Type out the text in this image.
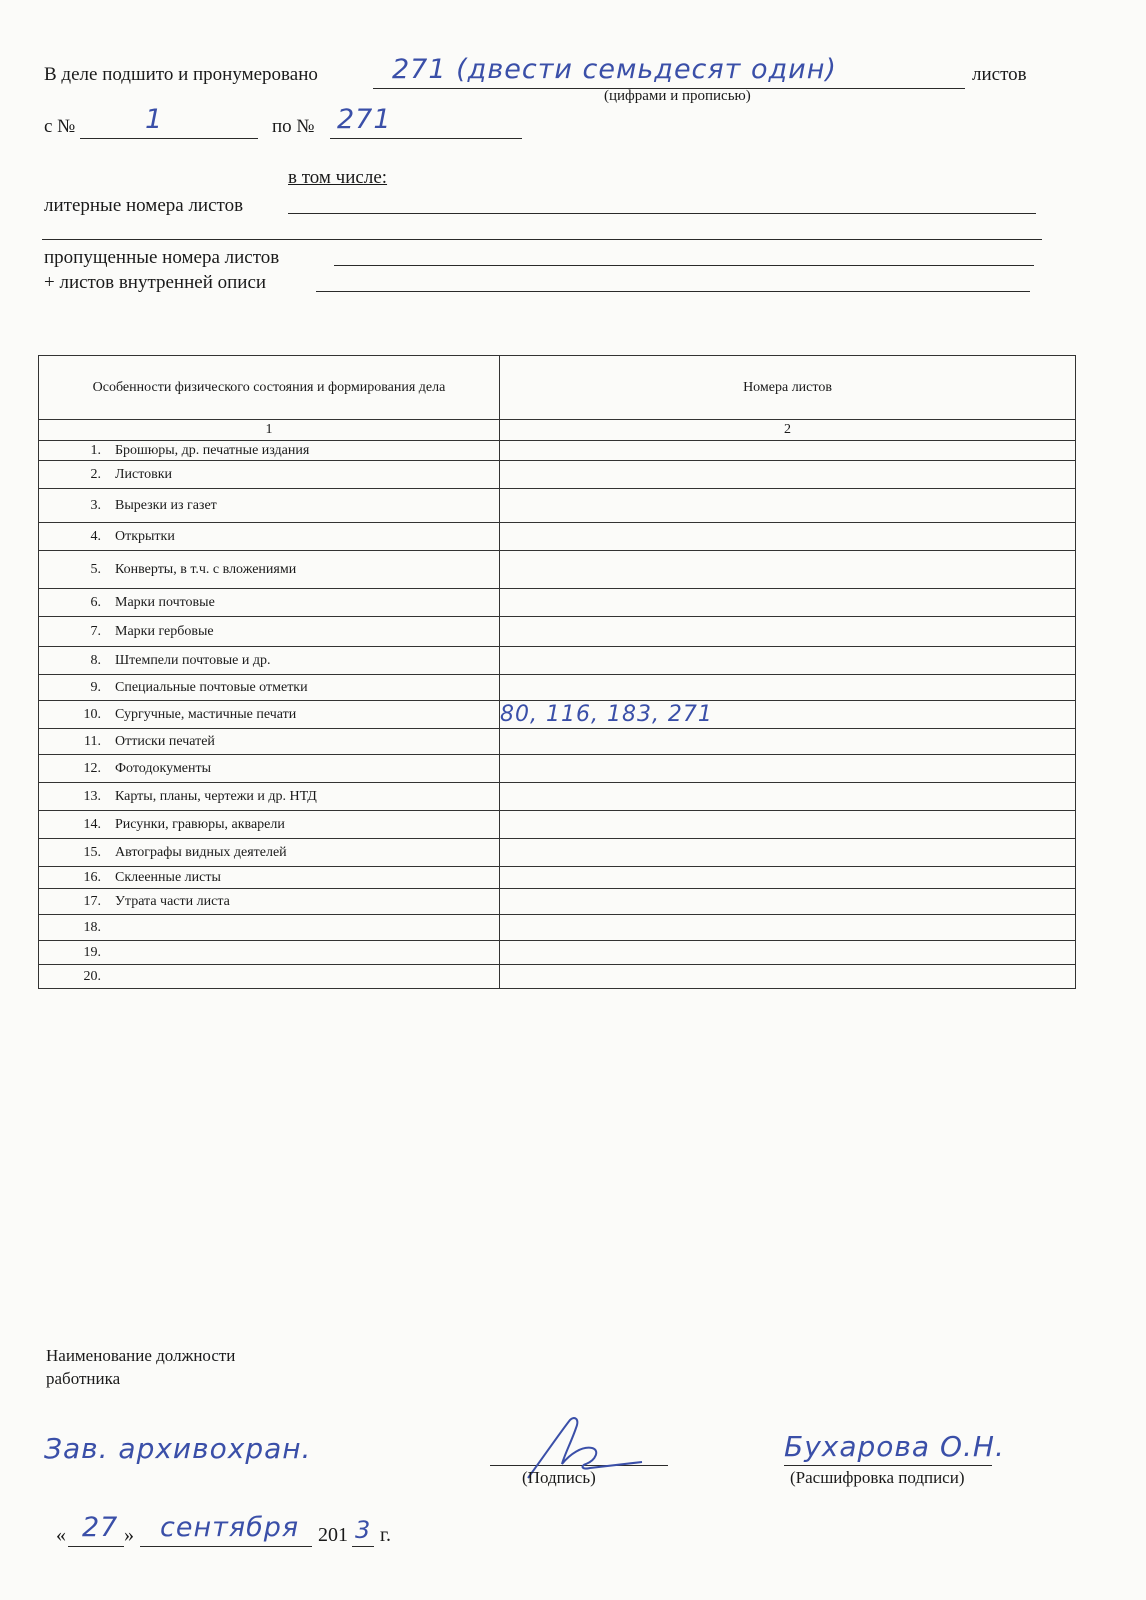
В деле подшито и пронумеровано	271 (двести семьдесят один)	листов
(цифрами и прописью)
с №	1	по № 271
в том числе:
литерные номера листов
пропущенные номера листов
+ листов внутренней описи
Особенности физического состояния и формирования дела	Номера листов
1	2
1. Брошюры, др. печатные издания	
2. Листовки	
3. Вырезки из газет	
4. Открытки	
5. Конверты, в т.ч. с вложениями	
6. Марки почтовые	
7. Марки гербовые	
8. Штемпели почтовые и др.	
9. Специальные почтовые отметки	
10. Сургучные, мастичные печати	80, 116, 183, 271
11. Оттиски печатей	
12. Фотодокументы	
13. Карты, планы, чертежи и др. НТД	
14. Рисунки, гравюры, акварели	
15. Автографы видных деятелей	
16. Склеенные листы	
17. Утрата части листа	
18.	
19.	
20.	
Наименование должности
работника
Зав. архивохран.
(Подпись)
Бухарова О.Н.
(Расшифровка подписи)
« 27 » сентября 201 3 г.
